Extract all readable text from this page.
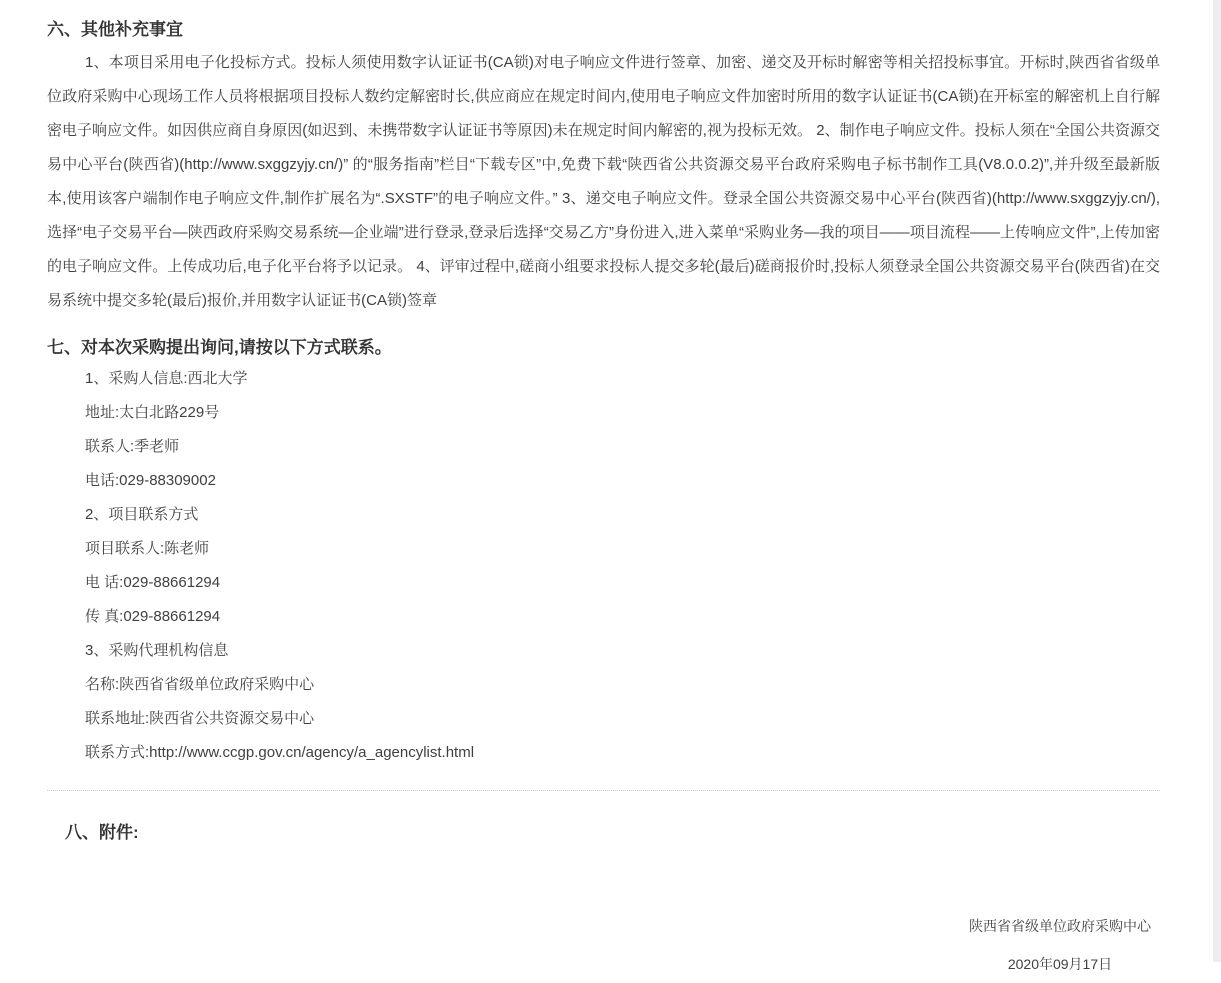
六、其他补充事宜

1、本项目采用电子化投标方式。投标人须使用数字认证证书(CA锁)对电子响应文件进行签章、加密、递交及开标时解密等相关招投标事宜。开标时,陕西省省级单位政府采购中心现场工作人员将根据项目投标人数约定解密时长,供应商应在规定时间内,使用电子响应文件加密时所用的数字认证证书(CA锁)在开标室的解密机上自行解密电子响应文件。如因供应商自身原因(如迟到、未携带数字认证证书等原因)未在规定时间内解密的,视为投标无效。 2、制作电子响应文件。投标人须在“全国公共资源交易中心平台(陕西省)(http://www.sxggzyjy.cn/)” 的“服务指南”栏目“下载专区”中,免费下载“陕西省公共资源交易平台政府采购电子标书制作工具(V8.0.0.2)”,并升级至最新版本,使用该客户端制作电子响应文件,制作扩展名为“.SXSTF”的电子响应文件。” 3、递交电子响应文件。登录全国公共资源交易中心平台(陕西省)(http://www.sxggzyjy.cn/),选择“电子交易平台—陕西政府采购交易系统—企业端”进行登录,登录后选择“交易乙方”身份进入,进入菜单“采购业务—我的项目——项目流程——上传响应文件”,上传加密的电子响应文件。上传成功后,电子化平台将予以记录。 4、评审过程中,磋商小组要求投标人提交多轮(最后)磋商报价时,投标人须登录全国公共资源交易平台(陕西省)在交易系统中提交多轮(最后)报价,并用数字认证证书(CA锁)签章

七、对本次采购提出询问,请按以下方式联系。
1、采购人信息:西北大学
地址:太白北路229号
联系人:季老师
电话:029-88309002
2、项目联系方式
项目联系人:陈老师
电 话:029-88661294
传 真:029-88661294
3、采购代理机构信息
名称:陕西省省级单位政府采购中心
联系地址:陕西省公共资源交易中心
联系方式:http://www.ccgp.gov.cn/agency/a_agencylist.html
八、附件:
陕西省省级单位政府采购中心
2020年09月17日
